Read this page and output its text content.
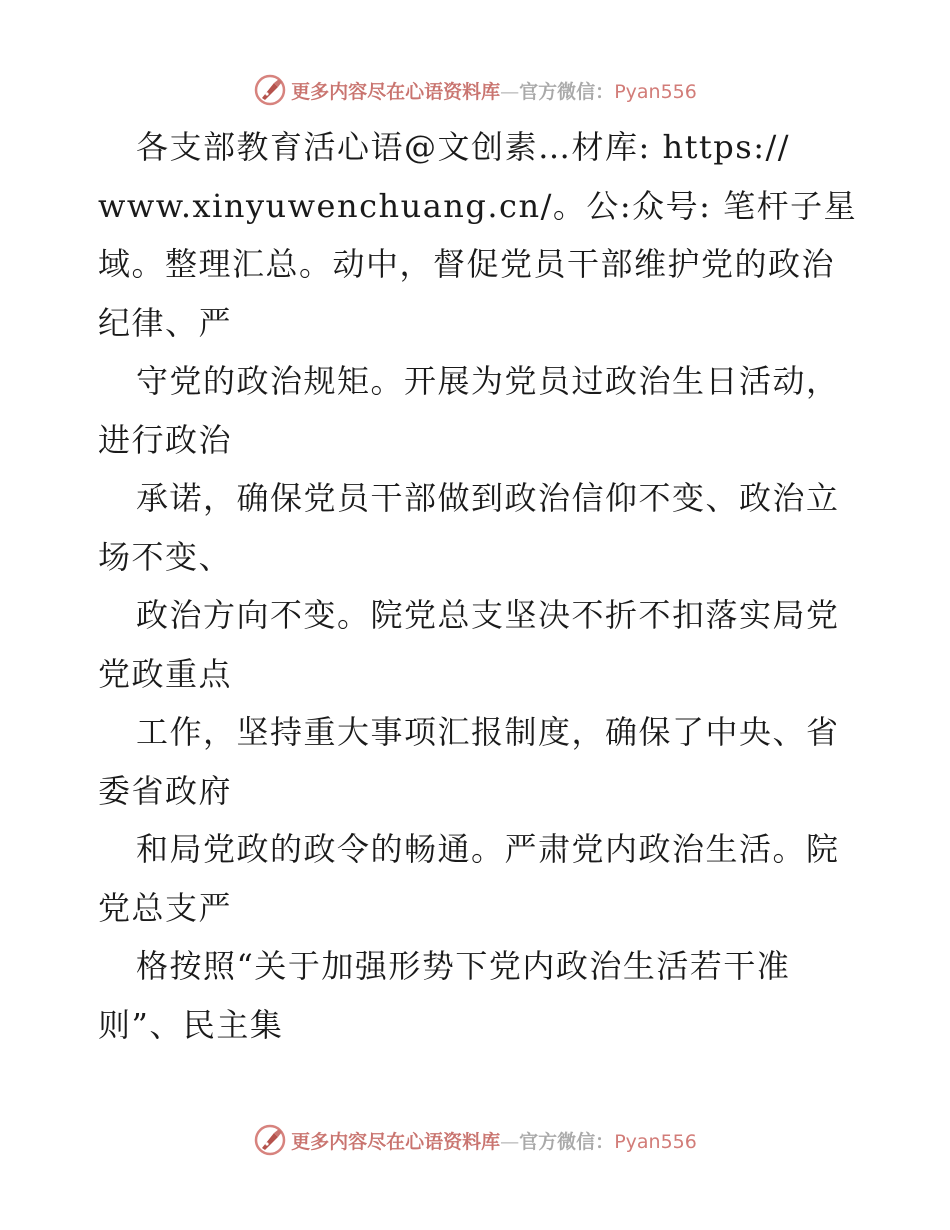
更多内容尽在心语资料库—官方微信：Pyan556
各支部教育活心语@文创素…材库: https://
www.xinyuwenchuang.cn/。公:众号: 笔杆子星
域。整理汇总。动中，督促党员干部维护党的政治
纪律、严
守党的政治规矩。开展为党员过政治生日活动，
进行政治
承诺，确保党员干部做到政治信仰不变、政治立
场不变、
政治方向不变。院党总支坚决不折不扣落实局党
党政重点
工作，坚持重大事项汇报制度，确保了中央、省
委省政府
和局党政的政令的畅通。严肃党内政治生活。院
党总支严
格按照“关于加强形势下党内政治生活若干准
则”、民主集
更多内容尽在心语资料库—官方微信：Pyan556
